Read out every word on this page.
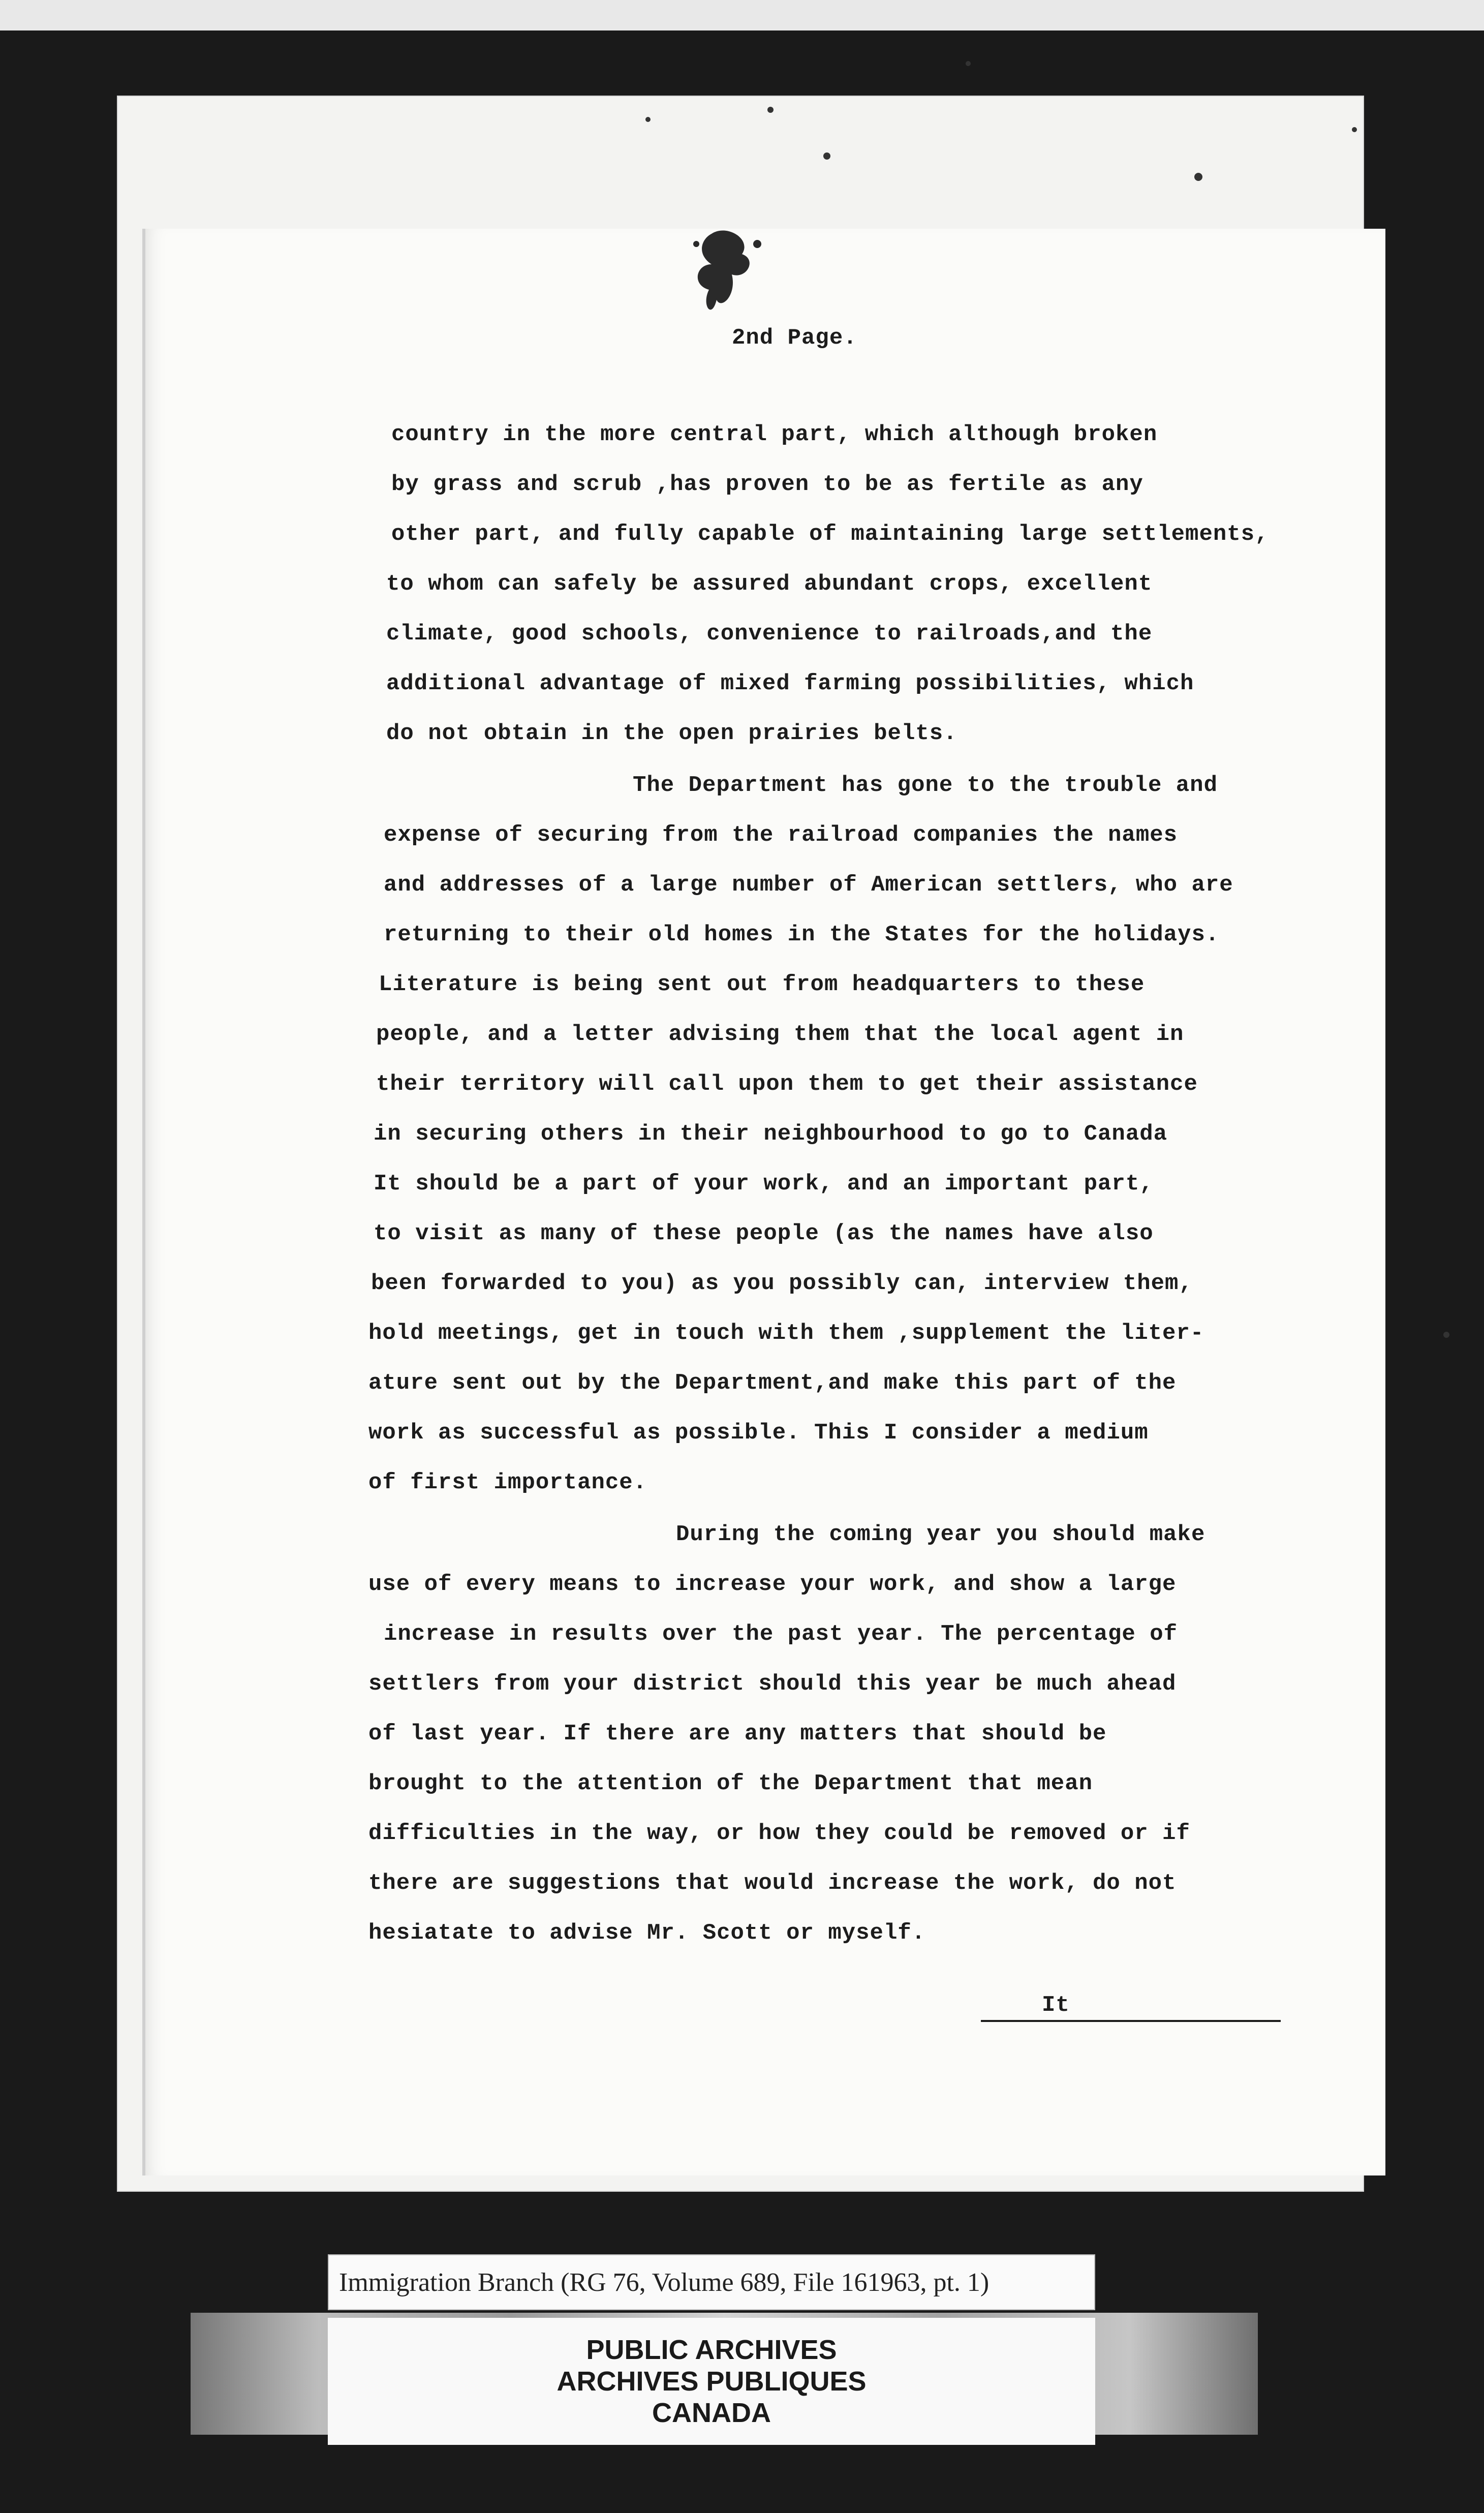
2nd Page.
country in the more central part, which although broken
by grass and scrub ,has proven to be as fertile as any
other part, and fully capable of maintaining large settlements,
to whom can safely be assured abundant crops, excellent
climate, good schools, convenience to railroads,and the
additional advantage of mixed farming possibilities, which
do not obtain in the open prairies belts.
The Department has gone to the trouble and
expense of securing from the railroad companies the names
and addresses of a large number of American settlers, who are
returning to their old homes in the States for the holidays.
Literature is being sent out from headquarters to these
people, and a letter advising them that the local agent in
their territory will call upon them to get their assistance
in securing others in their neighbourhood to go to Canada
It should be a part of your work, and an important part,
to visit as many of these people (as the names have also
been forwarded to you) as you possibly can, interview them,
hold meetings, get in touch with them ,supplement the liter-
ature sent out by the Department,and make this part of the
work as successful as possible. This I consider a medium
of first importance.
During the coming year you should make
use of every means to increase your work, and show a large
increase in results over the past year. The percentage of
settlers from your district should this year be much ahead
of last year. If there are any matters that should be
brought to the attention of the Department that mean
difficulties in the way, or how they could be removed or if
there are suggestions that would increase the work, do not
hesiatate to advise Mr. Scott or myself.
It
Immigration Branch (RG 76, Volume 689, File 161963, pt. 1)
PUBLIC ARCHIVES
ARCHIVES PUBLIQUES
CANADA
